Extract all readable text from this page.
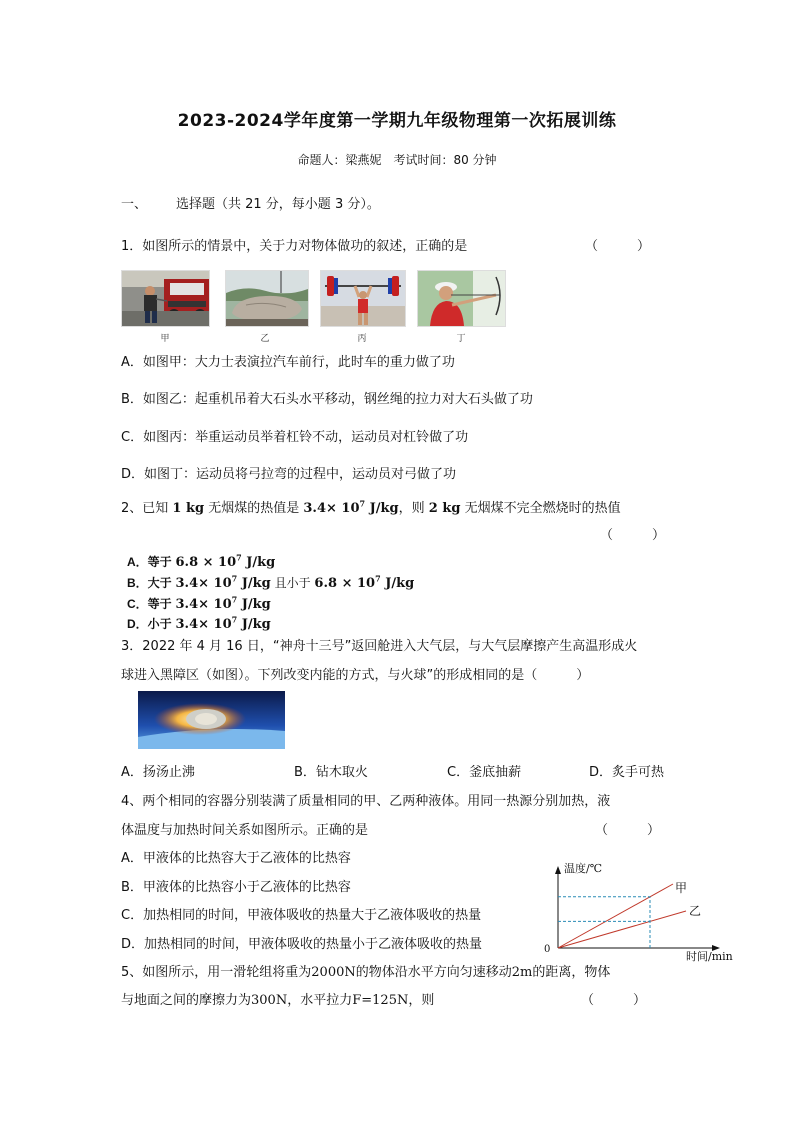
2023-2024学年度第一学期九年级物理第一次拓展训练
命题人：梁燕妮　考试时间：80 分钟
一、 选择题（共 21 分，每小题 3 分）。
1．如图所示的情景中，关于力对物体做功的叙述，正确的是	（　　　）
甲	乙	丙	丁
A．如图甲：大力士表演拉汽车前行，此时车的重力做了功
B．如图乙：起重机吊着大石头水平移动，钢丝绳的拉力对大石头做了功
C．如图丙：举重运动员举着杠铃不动，运动员对杠铃做了功
D．如图丁：运动员将弓拉弯的过程中，运动员对弓做了功
2、已知 1 kg 无烟煤的热值是 $3.4\times 10^7$ J/kg，则 2 kg 无烟煤不完全燃烧时的热值
（　　　）
A．等于 $6.8 \times 10^7$ J/kg
B．大于 $3.4\times 10^7$ J/kg 且小于 $6.8 \times 10^7$ J/kg
C．等于 $3.4\times 10^7$ J/kg
D．小于 $3.4\times 10^7$ J/kg
3．2022 年 4 月 16 日，“神舟十三号”返回舱进入大气层，与大气层摩擦产生高温形成火
球进入黑障区（如图）。下列改变内能的方式，与火球”的形成相同的是（　　　）
A．扬汤止沸	B．钻木取火	C．釜底抽薪	D．炙手可热
4、两个相同的容器分别装满了质量相同的甲、乙两种液体。用同一热源分别加热，液
体温度与加热时间关系如图所示。正确的是	（　　　）
A．甲液体的比热容大于乙液体的比热容
B．甲液体的比热容小于乙液体的比热容
C．加热相同的时间，甲液体吸收的热量大于乙液体吸收的热量
D．加热相同的时间，甲液体吸收的热量小于乙液体吸收的热量
温度/℃
时间/min
0
甲
乙
5、如图所示，用一滑轮组将重为2000N的物体沿水平方向匀速移动2m的距离，物体
与地面之间的摩擦力为300N，水平拉力F=125N，则	（　　　）
